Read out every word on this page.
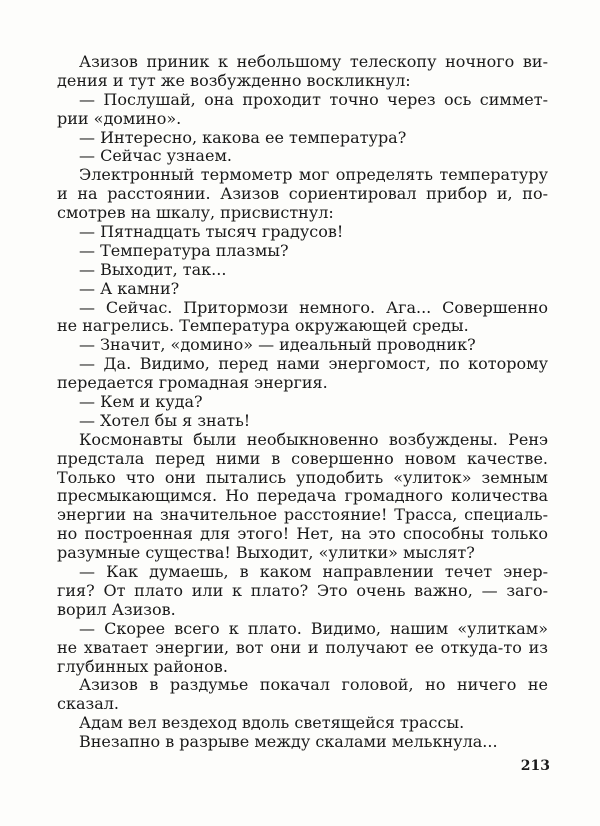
Азизов приник к небольшому телескопу ночного ви-
дения и тут же возбужденно воскликнул:
— Послушай, она проходит точно через ось симмет-
рии «домино».
— Интересно, какова ее температура?
— Сейчас узнаем.
Электронный термометр мог определять температуру
и на расстоянии. Азизов сориентировал прибор и, по-
смотрев на шкалу, присвистнул:
— Пятнадцать тысяч градусов!
— Температура плазмы?
— Выходит, так...
— А камни?
— Сейчас. Притормози немного. Ага... Совершенно
не нагрелись. Температура окружающей среды.
— Значит, «домино» — идеальный проводник?
— Да. Видимо, перед нами энергомост, по которому
передается громадная энергия.
— Кем и куда?
— Хотел бы я знать!
Космонавты были необыкновенно возбуждены. Ренэ
предстала перед ними в совершенно новом качестве.
Только что они пытались уподобить «улиток» земным
пресмыкающимся. Но передача громадного количества
энергии на значительное расстояние! Трасса, специаль-
но построенная для этого! Нет, на это способны только
разумные существа! Выходит, «улитки» мыслят?
— Как думаешь, в каком направлении течет энер-
гия? От плато или к плато? Это очень важно, — заго-
ворил Азизов.
— Скорее всего к плато. Видимо, нашим «улиткам»
не хватает энергии, вот они и получают ее откуда-то из
глубинных районов.
Азизов в раздумье покачал головой, но ничего не
сказал.
Адам вел вездеход вдоль светящейся трассы.
Внезапно в разрыве между скалами мелькнула...
213
